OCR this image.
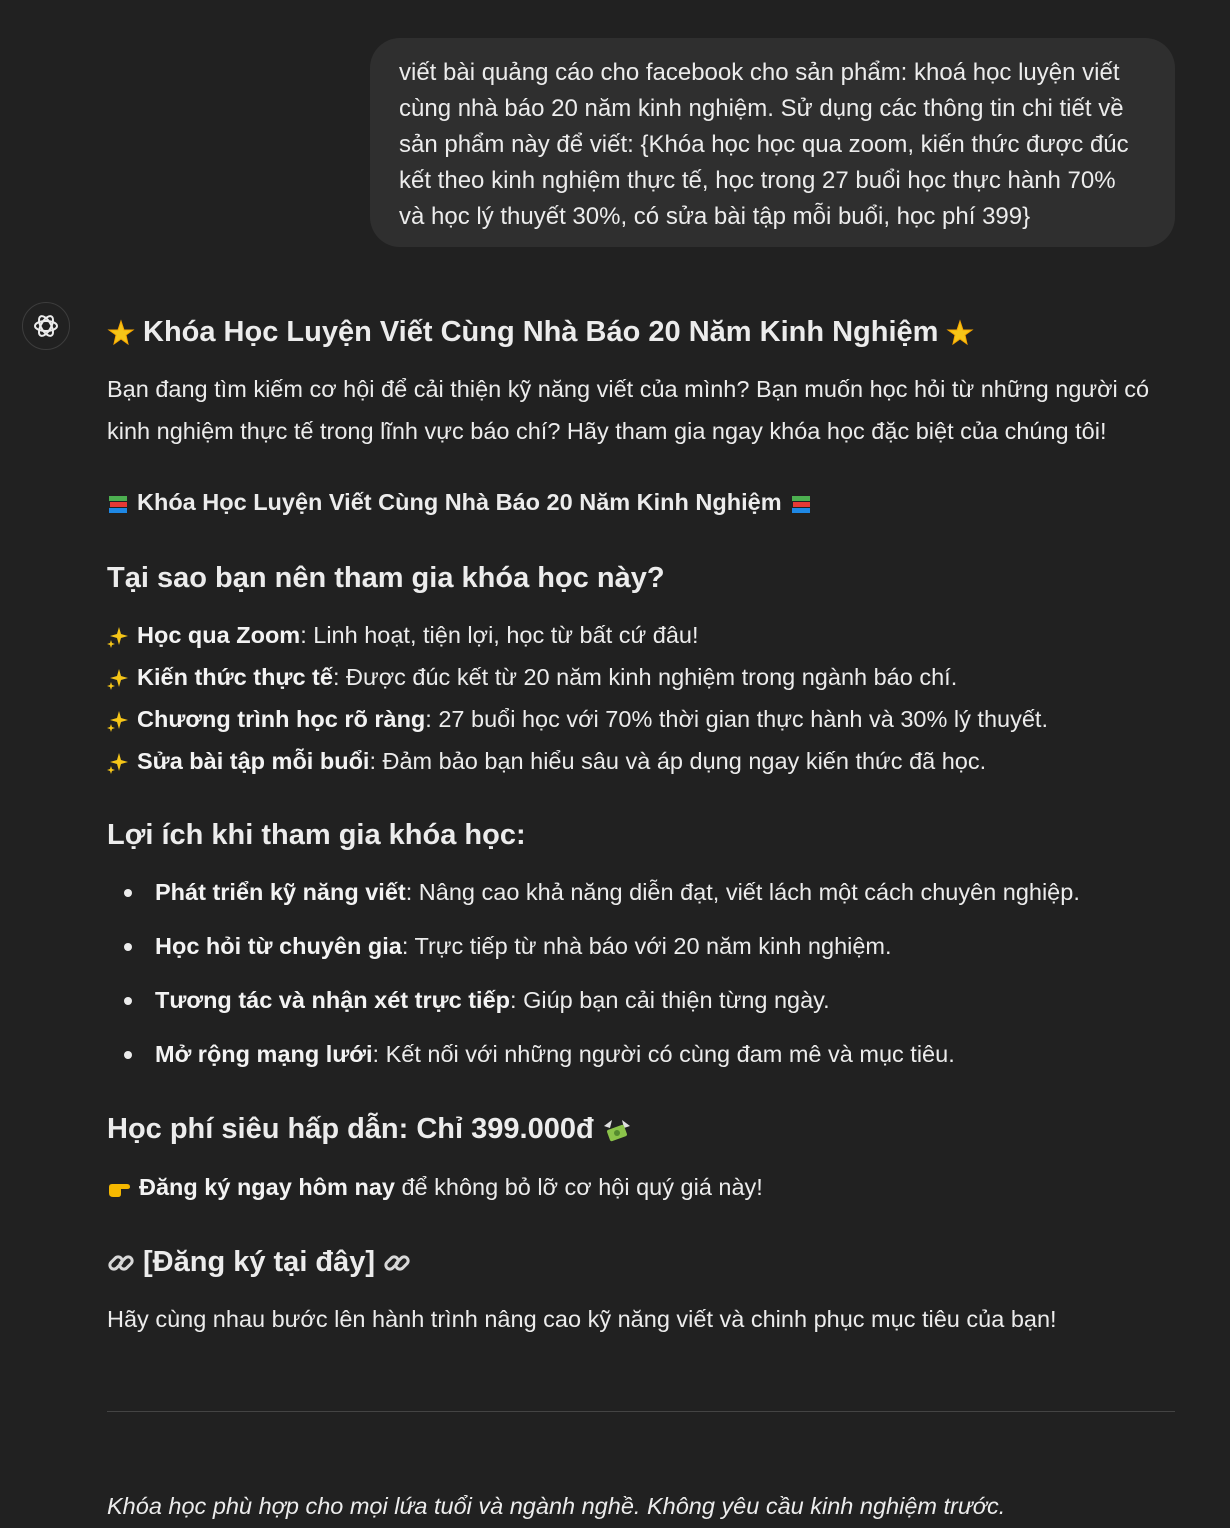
viết bài quảng cáo cho facebook cho sản phẩm: khoá học luyện viết cùng nhà báo 20 năm kinh nghiệm. Sử dụng các thông tin chi tiết về sản phẩm này để viết: {Khóa học học qua zoom, kiến thức được đúc kết theo kinh nghiệm thực tế, học trong 27 buổi học thực hành 70% và học lý thuyết 30%, có sửa bài tập mỗi buổi, học phí 399}
Khóa Học Luyện Viết Cùng Nhà Báo 20 Năm Kinh Nghiệm
Bạn đang tìm kiếm cơ hội để cải thiện kỹ năng viết của mình? Bạn muốn học hỏi từ những người có kinh nghiệm thực tế trong lĩnh vực báo chí? Hãy tham gia ngay khóa học đặc biệt của chúng tôi!
Khóa Học Luyện Viết Cùng Nhà Báo 20 Năm Kinh Nghiệm
Tại sao bạn nên tham gia khóa học này?
Học qua Zoom: Linh hoạt, tiện lợi, học từ bất cứ đâu!
Kiến thức thực tế: Được đúc kết từ 20 năm kinh nghiệm trong ngành báo chí.
Chương trình học rõ ràng: 27 buổi học với 70% thời gian thực hành và 30% lý thuyết.
Sửa bài tập mỗi buổi: Đảm bảo bạn hiểu sâu và áp dụng ngay kiến thức đã học.
Lợi ích khi tham gia khóa học:
Phát triển kỹ năng viết: Nâng cao khả năng diễn đạt, viết lách một cách chuyên nghiệp.
Học hỏi từ chuyên gia: Trực tiếp từ nhà báo với 20 năm kinh nghiệm.
Tương tác và nhận xét trực tiếp: Giúp bạn cải thiện từng ngày.
Mở rộng mạng lưới: Kết nối với những người có cùng đam mê và mục tiêu.
Học phí siêu hấp dẫn: Chỉ 399.000đ
Đăng ký ngay hôm nay để không bỏ lỡ cơ hội quý giá này!
[Đăng ký tại đây]
Hãy cùng nhau bước lên hành trình nâng cao kỹ năng viết và chinh phục mục tiêu của bạn!
Khóa học phù hợp cho mọi lứa tuổi và ngành nghề. Không yêu cầu kinh nghiệm trước.
